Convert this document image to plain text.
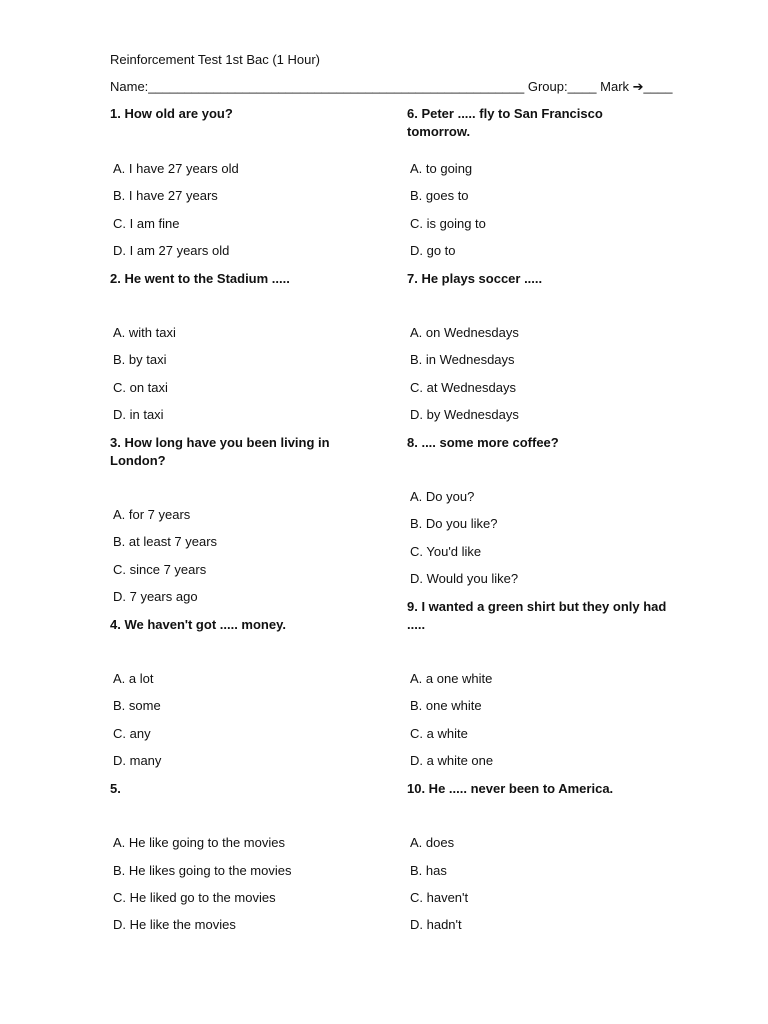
Reinforcement Test 1st Bac (1 Hour)
Name:____________________________________________________ Group:____ Mark ➔____
1. How old are you?
A. I have 27 years old
B. I have 27 years
C. I am fine
D. I am 27 years old
2. He went to the Stadium .....
A. with taxi
B. by taxi
C. on taxi
D. in taxi
3. How long have you been living in London?
A. for 7 years
B. at least 7 years
C. since 7 years
D. 7 years ago
4. We haven't got ..... money.
A. a lot
B. some
C. any
D. many
5.
A. He like going to the movies
B. He likes going to the movies
C. He liked go to the movies
D. He like the movies
6. Peter ..... fly to San Francisco tomorrow.
A. to going
B. goes to
C. is going to
D. go to
7. He plays soccer .....
A. on Wednesdays
B. in Wednesdays
C. at Wednesdays
D. by Wednesdays
8. .... some more coffee?
A. Do you?
B. Do you like?
C. You'd like
D. Would you like?
9. I wanted a green shirt but they only had .....
A. a one white
B. one white
C. a white
D. a white one
10. He ..... never been to America.
A. does
B. has
C. haven't
D. hadn't
